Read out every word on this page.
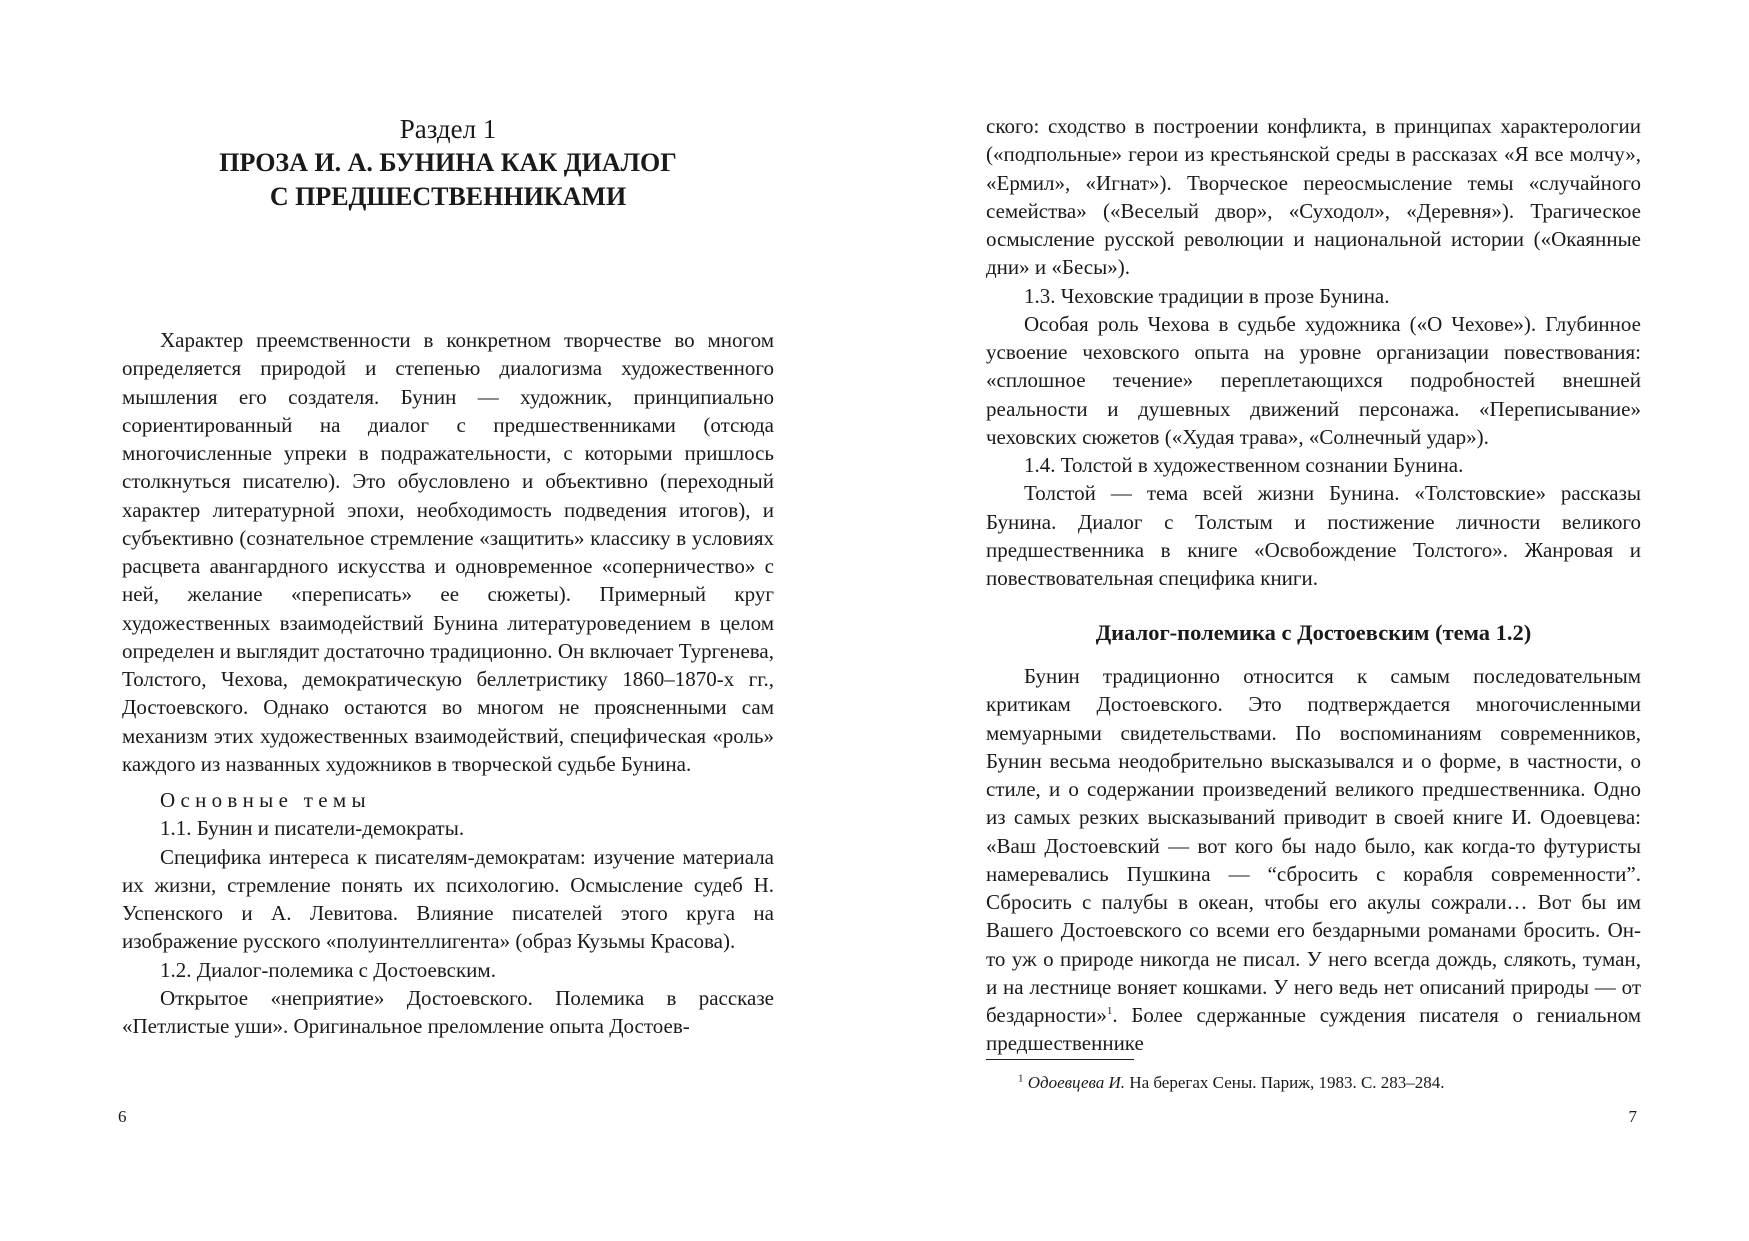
Раздел 1
ПРОЗА И. А. БУНИНА КАК ДИАЛОГ
С ПРЕДШЕСТВЕННИКАМИ

Характер преемственности в конкретном творчестве во многом определяется природой и степенью диалогизма художественного мышления его создателя. Бунин — художник, принципиально сориентированный на диалог с предшественниками (отсюда многочисленные упреки в подражательности, с которыми пришлось столкнуться писателю). Это обусловлено и объективно (переходный характер литературной эпохи, необходимость подведения итогов), и субъективно (сознательное стремление «защитить» классику в условиях расцвета авангардного искусства и одновременное «соперничество» с ней, желание «переписать» ее сюжеты). Примерный круг художественных взаимодействий Бунина литературоведением в целом определен и выглядит достаточно традиционно. Он включает Тургенева, Толстого, Чехова, демократическую беллетристику 1860–1870-х гг., Достоевского. Однако остаются во многом не проясненными сам механизм этих художественных взаимодействий, специфическая «роль» каждого из названных художников в творческой судьбе Бунина.

Основные темы

1.1. Бунин и писатели-демократы.

Специфика интереса к писателям-демократам: изучение материала их жизни, стремление понять их психологию. Осмысление судеб Н. Успенского и А. Левитова. Влияние писателей этого круга на изображение русского «полуинтеллигента» (образ Кузьмы Красова).

1.2. Диалог-полемика с Достоевским.

Открытое «неприятие» Достоевского. Полемика в рассказе «Петлистые уши». Оригинальное преломление опыта Достоев-

6

ского: сходство в построении конфликта, в принципах характерологии («подпольные» герои из крестьянской среды в рассказах «Я все молчу», «Ермил», «Игнат»). Творческое переосмысление темы «случайного семейства» («Веселый двор», «Суходол», «Деревня»). Трагическое осмысление русской революции и национальной истории («Окаянные дни» и «Бесы»).

1.3. Чеховские традиции в прозе Бунина.

Особая роль Чехова в судьбе художника («О Чехове»). Глубинное усвоение чеховского опыта на уровне организации повествования: «сплошное течение» переплетающихся подробностей внешней реальности и душевных движений персонажа. «Переписывание» чеховских сюжетов («Худая трава», «Солнечный удар»).

1.4. Толстой в художественном сознании Бунина.

Толстой — тема всей жизни Бунина. «Толстовские» рассказы Бунина. Диалог с Толстым и постижение личности великого предшественника в книге «Освобождение Толстого». Жанровая и повествовательная специфика книги.

Диалог-полемика с Достоевским (тема 1.2)

Бунин традиционно относится к самым последовательным критикам Достоевского. Это подтверждается многочисленными мемуарными свидетельствами. По воспоминаниям современников, Бунин весьма неодобрительно высказывался и о форме, в частности, о стиле, и о содержании произведений великого предшественника. Одно из самых резких высказываний приводит в своей книге И. Одоевцева: «Ваш Достоевский — вот кого бы надо было, как когда-то футуристы намеревались Пушкина — “сбросить с корабля современности”. Сбросить с палубы в океан, чтобы его акулы сожрали… Вот бы им Вашего Достоевского со всеми его бездарными романами бросить. Он-то уж о природе никогда не писал. У него всегда дождь, слякоть, туман, и на лестнице воняет кошками. У него ведь нет описаний природы — от бездарности»$^1$. Более сдержанные суждения писателя о гениальном предшественнике

$^1$ Одоевцева И. На берегах Сены. Париж, 1983. С. 283–284.
7
